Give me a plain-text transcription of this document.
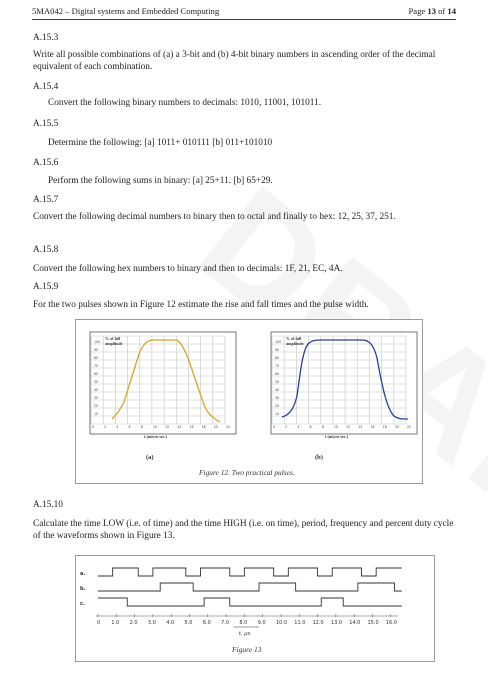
5MA042 – Digital systems and Embedded Computing	Page 13 of 14
A.15.3
Write all possible combinations of (a) a 3-bit and (b) 4-bit binary numbers in ascending order of the decimal equivalent of each combination.
A.15.4
Convert the following binary numbers to decimals: 1010, 11001, 101011.
A.15.5
Determine the following: [a] 1011+ 010111 [b] 011+101010
A.15.6
Perform the following sums in binary: [a] 25+11. [b] 65+29.
A.15.7
Convert the following decimal numbers to binary then to octal and finally to hex: 12, 25, 37, 251.
A.15.8
Convert the following hex numbers to binary and then to decimals: 1F, 21, EC, 4A.
A.15.9
For the two pulses shown in Figure 12 estimate the rise and fall times and the pulse width.
100
90
80
70
60
50
40
30
20
10
0	2	4	6	8	10	12	14	16	18	20	22
t (micro sec.)
% of full amplitude	100
90
80
70
60
50
40
30
20
10
0	2	4	6	8	10	12	14	16	18	20	22
t (micro sec.)
% of full amplitude
(a)	(b)
Figure 12. Two practical pulses.
A.15.10
Calculate the time LOW (i.e. of time) and the time HIGH (i.e. on time), period, frequency and percent duty cycle of the waveforms shown in Figure 13.
a.
b.
c.
0 1.0 2.0 3.0 4.0 5.0 6.0 7.0 8.0 9.0 10.0 11.0 12.0 13.0 14.0 15.0 16.0
t, μs
Figure 13
